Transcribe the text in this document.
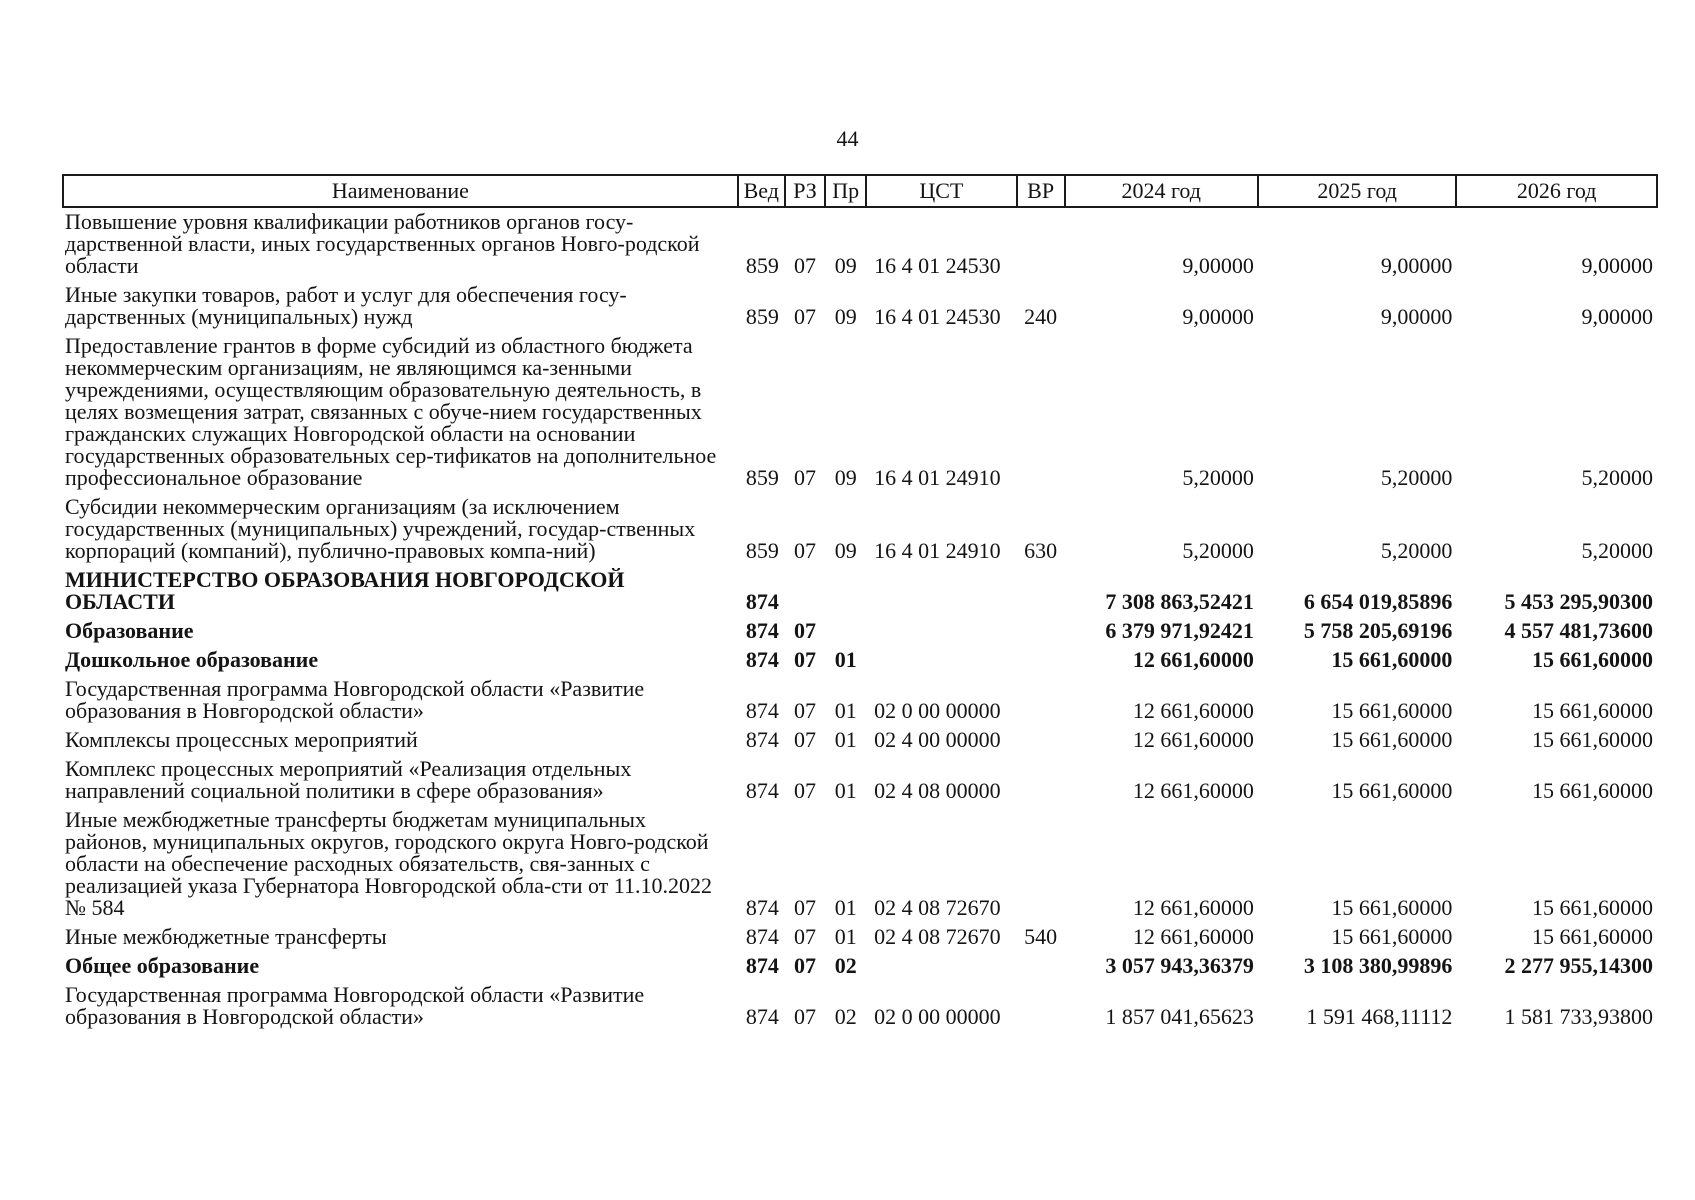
44
Наименование	Вед	РЗ	Пр	ЦСТ	ВР	2024 год	2025 год	2026 год
Повышение уровня квалификации работников органов госу-дарственной власти, иных государственных органов Новго-родской области	859	07	09	16 4 01 24530		9,00000	9,00000	9,00000
Иные закупки товаров, работ и услуг для обеспечения госу-дарственных (муниципальных) нужд	859	07	09	16 4 01 24530	240	9,00000	9,00000	9,00000
Предоставление грантов в форме субсидий из областного бюджета некоммерческим организациям, не являющимся ка-зенными учреждениями, осуществляющим образовательную деятельность, в целях возмещения затрат, связанных с обуче-нием государственных гражданских служащих Новгородской области на основании государственных образовательных сер-тификатов на дополнительное профессиональное образование	859	07	09	16 4 01 24910		5,20000	5,20000	5,20000
Субсидии некоммерческим организациям (за исключением государственных (муниципальных) учреждений, государ-ственных корпораций (компаний), публично-правовых компа-ний)	859	07	09	16 4 01 24910	630	5,20000	5,20000	5,20000
МИНИСТЕРСТВО ОБРАЗОВАНИЯ НОВГОРОДСКОЙ ОБЛАСТИ	874					7 308 863,52421	6 654 019,85896	5 453 295,90300
Образование	874	07				6 379 971,92421	5 758 205,69196	4 557 481,73600
Дошкольное образование	874	07	01			12 661,60000	15 661,60000	15 661,60000
Государственная программа Новгородской области «Развитие образования в Новгородской области»	874	07	01	02 0 00 00000		12 661,60000	15 661,60000	15 661,60000
Комплексы процессных мероприятий	874	07	01	02 4 00 00000		12 661,60000	15 661,60000	15 661,60000
Комплекс процессных мероприятий «Реализация отдельных направлений социальной политики в сфере образования»	874	07	01	02 4 08 00000		12 661,60000	15 661,60000	15 661,60000
Иные межбюджетные трансферты бюджетам муниципальных районов, муниципальных округов, городского округа Новго-родской области на обеспечение расходных обязательств, свя-занных с реализацией указа Губернатора Новгородской обла-сти от 11.10.2022 № 584	874	07	01	02 4 08 72670		12 661,60000	15 661,60000	15 661,60000
Иные межбюджетные трансферты	874	07	01	02 4 08 72670	540	12 661,60000	15 661,60000	15 661,60000
Общее образование	874	07	02			3 057 943,36379	3 108 380,99896	2 277 955,14300
Государственная программа Новгородской области «Развитие образования в Новгородской области»	874	07	02	02 0 00 00000		1 857 041,65623	1 591 468,11112	1 581 733,93800
